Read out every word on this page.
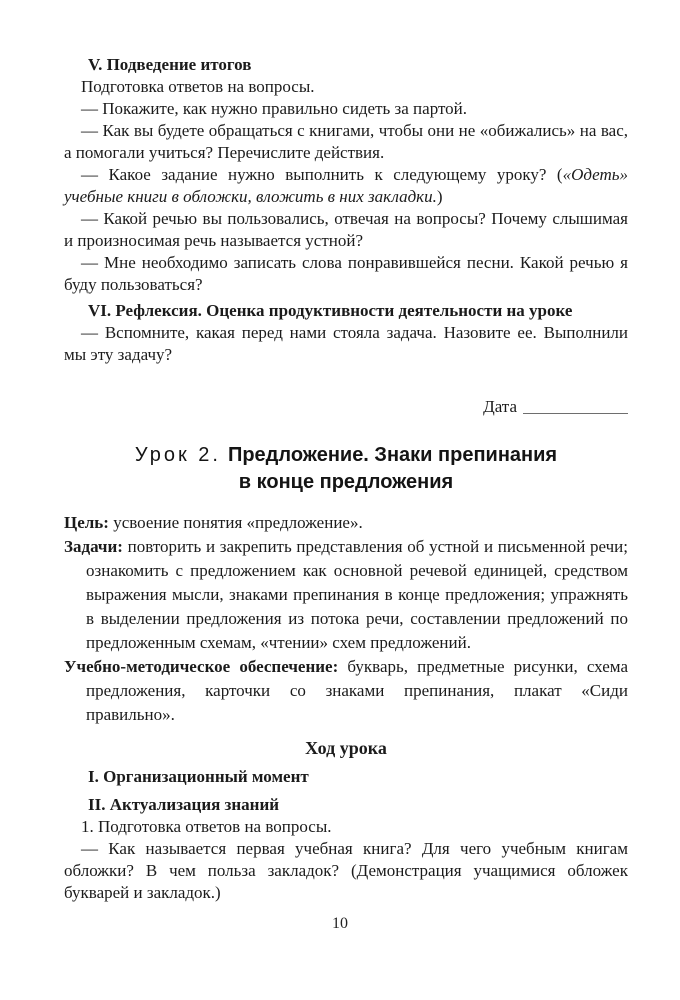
V. Подведение итогов

Подготовка ответов на вопросы.

— Покажите, как нужно правильно сидеть за партой.

— Как вы будете обращаться с книгами, чтобы они не «обижались» на вас, а помогали учиться? Перечислите действия.

— Какое задание нужно выполнить к следующему уроку? («Одеть» учебные книги в обложки, вложить в них закладки.)

— Какой речью вы пользовались, отвечая на вопросы? Почему слышимая и произносимая речь называется устной?

— Мне необходимо записать слова понравившейся песни. Какой речью я буду пользоваться?

VI. Рефлексия. Оценка продуктивности деятельности на уроке

— Вспомните, какая перед нами стояла задача. Назовите ее. Выполнили мы эту задачу?

Дата
Урок 2. Предложение. Знаки препинания
в конце предложения

Цель: усвоение понятия «предложение».

Задачи: повторить и закрепить представления об устной и письменной речи; ознакомить с предложением как основной речевой единицей, средством выражения мысли, знаками препинания в конце предложения; упражнять в выделении предложения из потока речи, составлении предложений по предложенным схемам, «чтении» схем предложений.

Учебно-методическое обеспечение: букварь, предметные рисунки, схема предложения, карточки со знаками препинания, плакат «Сиди правильно».

Ход урока
I. Организационный момент
II. Актуализация знаний

1. Подготовка ответов на вопросы.

— Как называется первая учебная книга? Для чего учебным книгам обложки? В чем польза закладок? (Демонстрация учащимися обложек букварей и закладок.)

10
